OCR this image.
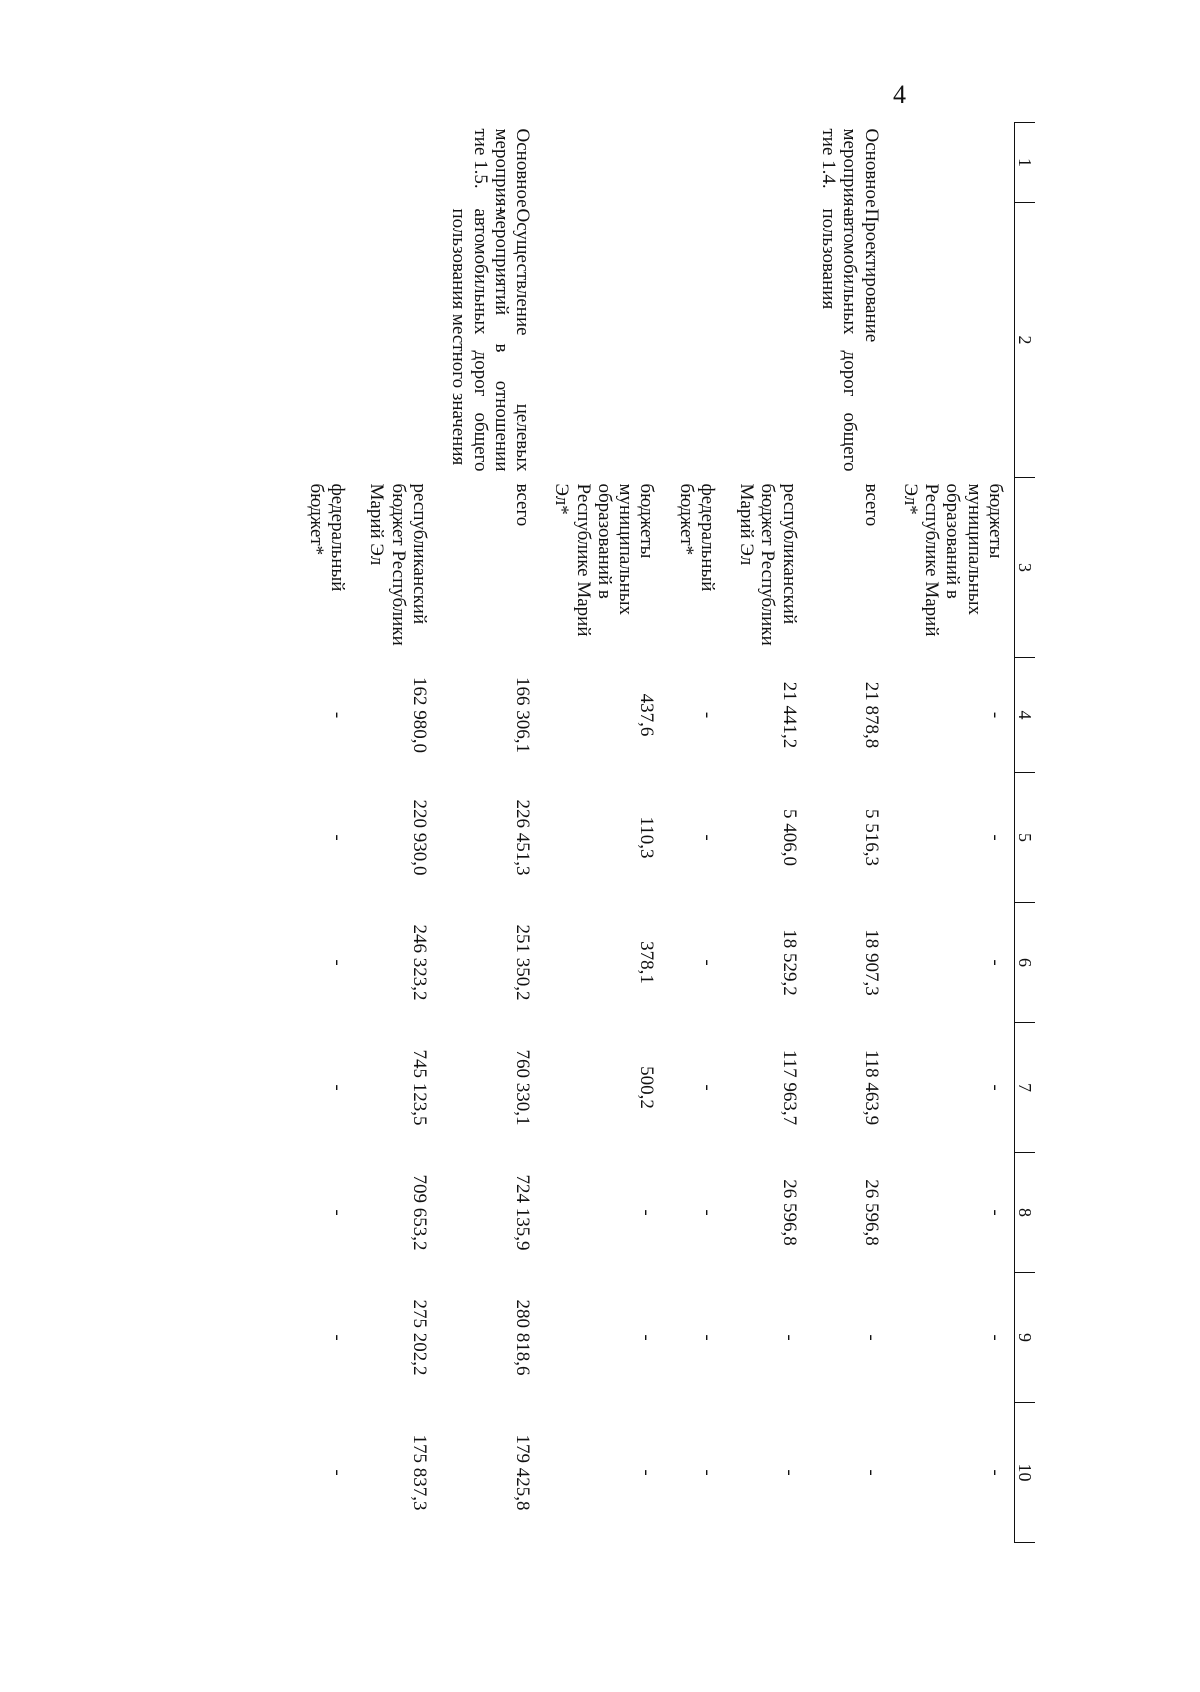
4
1	2	3	4	5	6	7	8	9	10
		бюджеты муниципальных образований в Республике Марий Эл*	-	-	-	-	-	-	-
Основное мероприя-тие 1.4.	Проектирование автомобильных дорог общего пользования	всего	21 878,8	5 516,3	18 907,3	118 463,9	26 596,8	-	-
		республиканский бюджет Республики Марий Эл	21 441,2	5 406,0	18 529,2	117 963,7	26 596,8	-	-
		федеральный бюджет*	-	-	-	-	-	-	-
		бюджеты муниципальных образований в Республике Марий Эл*	437,6	110,3	378,1	500,2	-	-	-
Основное мероприя-тие 1.5.	Осуществление целевых мероприятий в отношении автомобильных дорог общего пользования местного значения	всего	166 306,1	226 451,3	251 350,2	760 330,1	724 135,9	280 818,6	179 425,8
		республиканский бюджет Республики Марий Эл	162 980,0	220 930,0	246 323,2	745 123,5	709 653,2	275 202,2	175 837,3
		федеральный бюджет*	-	-	-	-	-	-	-
